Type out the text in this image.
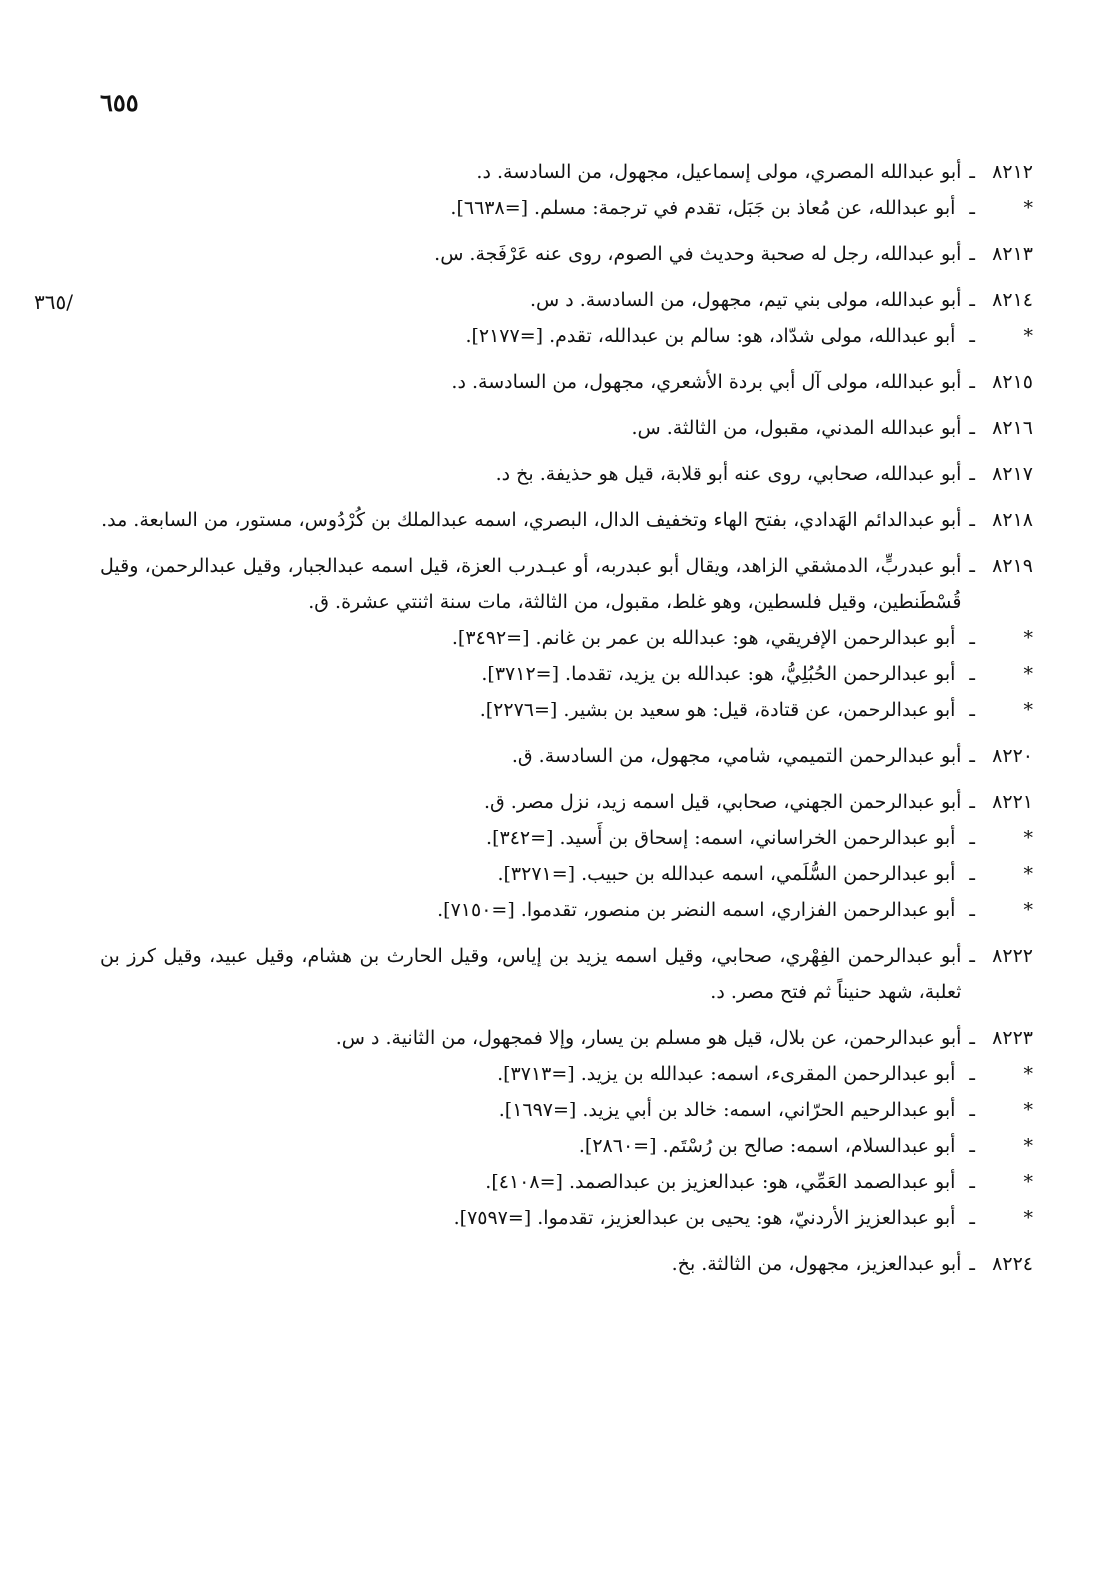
٦٥٥
/٣٦٥
٨٢١٢
ـ
أبو عبدالله المصري، مولى إسماعيل، مجهول، من السادسة. د.
*
ـ
أبو عبدالله، عن مُعاذ بن جَبَل، تقدم في ترجمة: مسلم. [=٦٦٣٨].
٨٢١٣
ـ
أبو عبدالله، رجل له صحبة وحديث في الصوم، روى عنه عَرْفَجة. س.
٨٢١٤
ـ
أبو عبدالله، مولى بني تيم، مجهول، من السادسة. د س.
*
ـ
أبو عبدالله، مولى شدّاد، هو: سالم بن عبدالله، تقدم. [=٢١٧٧].
٨٢١٥
ـ
أبو عبدالله، مولى آل أبي بردة الأشعري، مجهول، من السادسة. د.
٨٢١٦
ـ
أبو عبدالله المدني، مقبول، من الثالثة. س.
٨٢١٧
ـ
أبو عبدالله، صحابي، روى عنه أبو قلابة، قيل هو حذيفة. بخ د.
٨٢١٨
ـ
أبو عبدالدائم الهَدادي، بفتح الهاء وتخفيف الدال، البصري، اسمه عبدالملك بن كُرْدُوس، مستور، من السابعة. مد.
٨٢١٩
ـ
أبو عبدربٍّ، الدمشقي الزاهد، ويقال أبو عبدربه، أو عبـدرب العزة، قيل اسمه عبدالجبار، وقيل عبدالرحمن، وقيل قُسْطَنطين، وقيل فلسطين، وهو غلط، مقبول، من الثالثة، مات سنة اثنتي عشرة. ق.
*
ـ
أبو عبدالرحمن الإفريقي، هو: عبدالله بن عمر بن غانم. [=٣٤٩٢].
*
ـ
أبو عبدالرحمن الحُبُلِيُّ، هو: عبدالله بن يزيد، تقدما. [=٣٧١٢].
*
ـ
أبو عبدالرحمن، عن قتادة، قيل: هو سعيد بن بشير. [=٢٢٧٦].
٨٢٢٠
ـ
أبو عبدالرحمن التميمي، شامي، مجهول، من السادسة. ق.
٨٢٢١
ـ
أبو عبدالرحمن الجهني، صحابي، قيل اسمه زيد، نزل مصر. ق.
*
ـ
أبو عبدالرحمن الخراساني، اسمه: إسحاق بن أَسيد. [=٣٤٢].
*
ـ
أبو عبدالرحمن السُّلَمي، اسمه عبدالله بن حبيب. [=٣٢٧١].
*
ـ
أبو عبدالرحمن الفزاري، اسمه النضر بن منصور، تقدموا. [=٧١٥٠].
٨٢٢٢
ـ
أبو عبدالرحمن الفِهْري، صحابي، وقيل اسمه يزيد بن إياس، وقيل الحارث بن هشام، وقيل عبيد، وقيل كرز بن ثعلبة، شهد حنيناً ثم فتح مصر. د.
٨٢٢٣
ـ
أبو عبدالرحمن، عن بلال، قيل هو مسلم بن يسار، وإلا فمجهول، من الثانية. د س.
*
ـ
أبو عبدالرحمن المقرىء، اسمه: عبدالله بن يزيد. [=٣٧١٣].
*
ـ
أبو عبدالرحيم الحرّاني، اسمه: خالد بن أبي يزيد. [=١٦٩٧].
*
ـ
أبو عبدالسلام، اسمه: صالح بن رُسْتَم. [=٢٨٦٠].
*
ـ
أبو عبدالصمد العَمِّي، هو: عبدالعزيز بن عبدالصمد. [=٤١٠٨].
*
ـ
أبو عبدالعزيز الأردنيّ، هو: يحيى بن عبدالعزيز، تقدموا. [=٧٥٩٧].
٨٢٢٤
ـ
أبو عبدالعزيز، مجهول، من الثالثة. بخ.
